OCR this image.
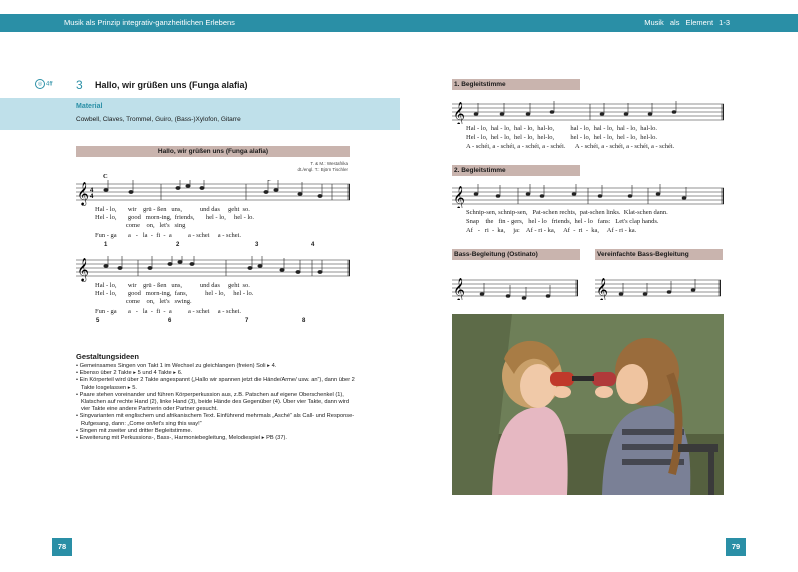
Musik als Prinzip integrativ-ganzheitlichen Erlebens	Musik als Element 1-3
◎ 4ff 3 Hallo, wir grüßen uns (Funga alafia)
Material
Cowbell, Claves, Trommel, Guiro, (Bass-)Xylofon, Gitarre
Hallo, wir grüßen uns (Funga alafia)
T. & M.: Westafrika
dt./engl. T.: Björn Tischler
C
𝄞 4
4
Hal - lo,       wir    grü - ßen   uns,           und das     geht  so.
Hel - lo,       good   morn-ing,  friends,       hel - lo,     hel - lo.
come    on,   let's   sing
Fun - ga       a   -   la  -  fi  -  a          a - schei     a - schei.
1	2	3	4
𝄞
Hal - lo,       wir    grü - ßen   uns,           und das     geht  so.
Hel - lo,       good   morn-ing,  fans,           hel - lo,     hel - lo.
come    on,   let's   swing.
Fun - ga       a   -   la  -  fi  -  a          a - schei     a - schei.
5	6	7	8
Gestaltungsideen
• Gemeinsames Singen von Takt 1 im Wechsel zu gleichlangen (freien) Soli ▸ 4.
• Ebenso über 2 Takte ▸ 5 und 4 Takte ▸ 6.
• Ein Körperteil wird über 2 Takte angespannt („Hallo wir spannen jetzt die Hände/Arme/ usw. an“), dann über 2 Takte losgelassen ▸ 5.
• Paare stehen voreinander und führen Körperperkussion aus, z.B. Patschen auf eigene Oberschenkel (1), Klatschen auf rechte Hand (2), linke Hand (3), beide Hände des Gegenüber (4). Über vier Takte, dann wird vier Takte eine andere Partnerin oder Partner gesucht.
• Singvarianten mit englischem und afrikanischem Text. Einführend mehrmals „Asché“ als Call- und Response-Rufgesang, dann: „Come on/let's sing this way!“
• Singen mit zweiter und dritter Begleitstimme.
• Erweiterung mit Perkussions-, Bass-, Harmoniebegleitung, Melodiespiel ▸ PB (37).
1. Begleitstimme
𝄞
Hal - lo,  hal - lo,  hal - lo,  hal-lo,          hal - lo,  hal - lo,  hal - lo,  hal-lo.
Hel - lo,  hel - lo,  hel - lo,  hel-lo,          hel - lo,  hel - lo,  hel - lo,  hel-lo.
A - schéi, a - schéi, a - schéi, a - schéi.      A - schéi, a - schéi, a - schéi, a - schéi.
2. Begleitstimme
𝄞
Schnip-sen, schnip-sen,   Pat-schen rechts,  pat-schen links.  Klat-schen dann.
Snap    the   fin - gers,   hel - lo   friends,  hel - lo   fans:   Let's clap hands.
Af   -   ri  -  ka,     ja:    Af - ri - ka,     Af  -  ri  -  ka,     Af - ri - ka.
Bass-Begleitung (Ostinato)	Vereinfachte Bass-Begleitung
𝄞	𝄞
78	79
